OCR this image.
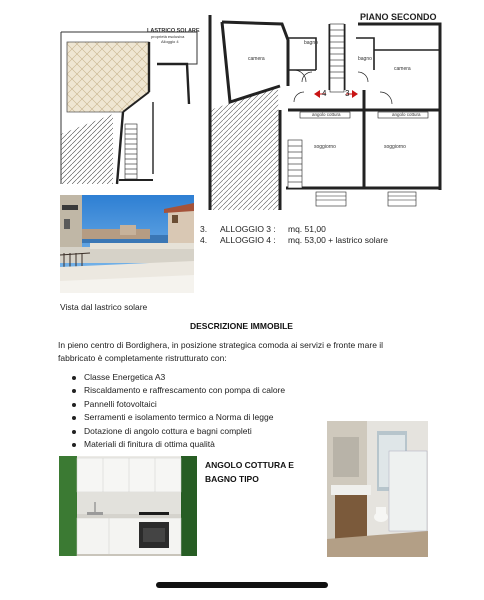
LASTRICO SOLARE
proprietà esclusiva
Alloggio 4
PIANO SECONDO
camera
bagno
bagno
camera
4 3
angolo cottura	angolo cottura
soggiorno	soggiorno
3.	ALLOGGIO 3 :	mq. 51,00
4.	ALLOGGIO 4 :	mq. 53,00 + lastrico solare
Vista dal lastrico solare
DESCRIZIONE IMMOBILE
In pieno centro di Bordighera, in posizione strategica comoda ai servizi e fronte mare il fabbricato è completamente ristrutturato con:
Classe Energetica A3
Riscaldamento e raffrescamento con pompa di calore
Pannelli fotovoltaici
Serramenti e isolamento termico a Norma di legge
Dotazione di angolo cottura e bagni completi
Materiali di finitura di ottima qualità
ANGOLO COTTURA E
BAGNO TIPO
